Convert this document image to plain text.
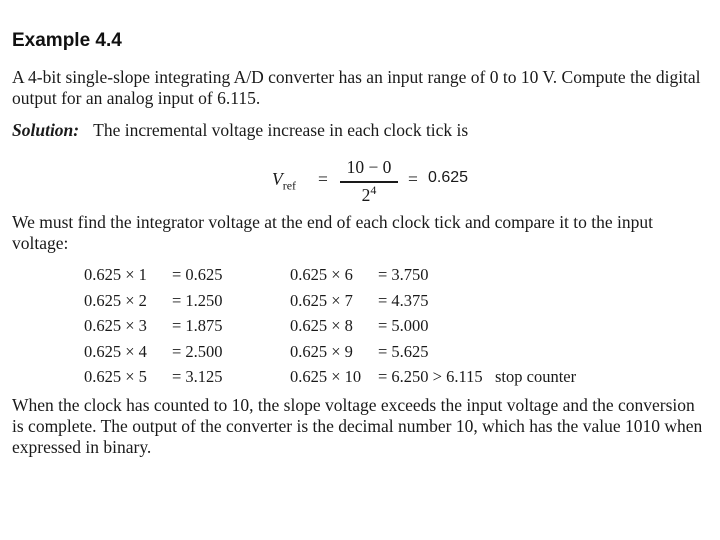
Example 4.4

A 4-bit single-slope integrating A/D converter has an input range of 0 to 10 V. Compute the digital output for an analog input of 6.115.

Solution: The incremental voltage increase in each clock tick is
$V_{ref}$ =
10 − 0
$2^4$
= 0.625

We must find the integrator voltage at the end of each clock tick and compare it to the input voltage:

0.625 × 1 = 0.625
0.625 × 2 = 1.250
0.625 × 3 = 1.875
0.625 × 4 = 2.500
0.625 × 5 = 3.125
0.625 × 6 = 3.750
0.625 × 7 = 4.375
0.625 × 8 = 5.000
0.625 × 9 = 5.625
0.625 × 10 = 6.250 > 6.115   stop counter

When the clock has counted to 10, the slope voltage exceeds the input voltage and the conversion is complete. The output of the converter is the decimal number 10, which has the value 1010 when expressed in binary.
